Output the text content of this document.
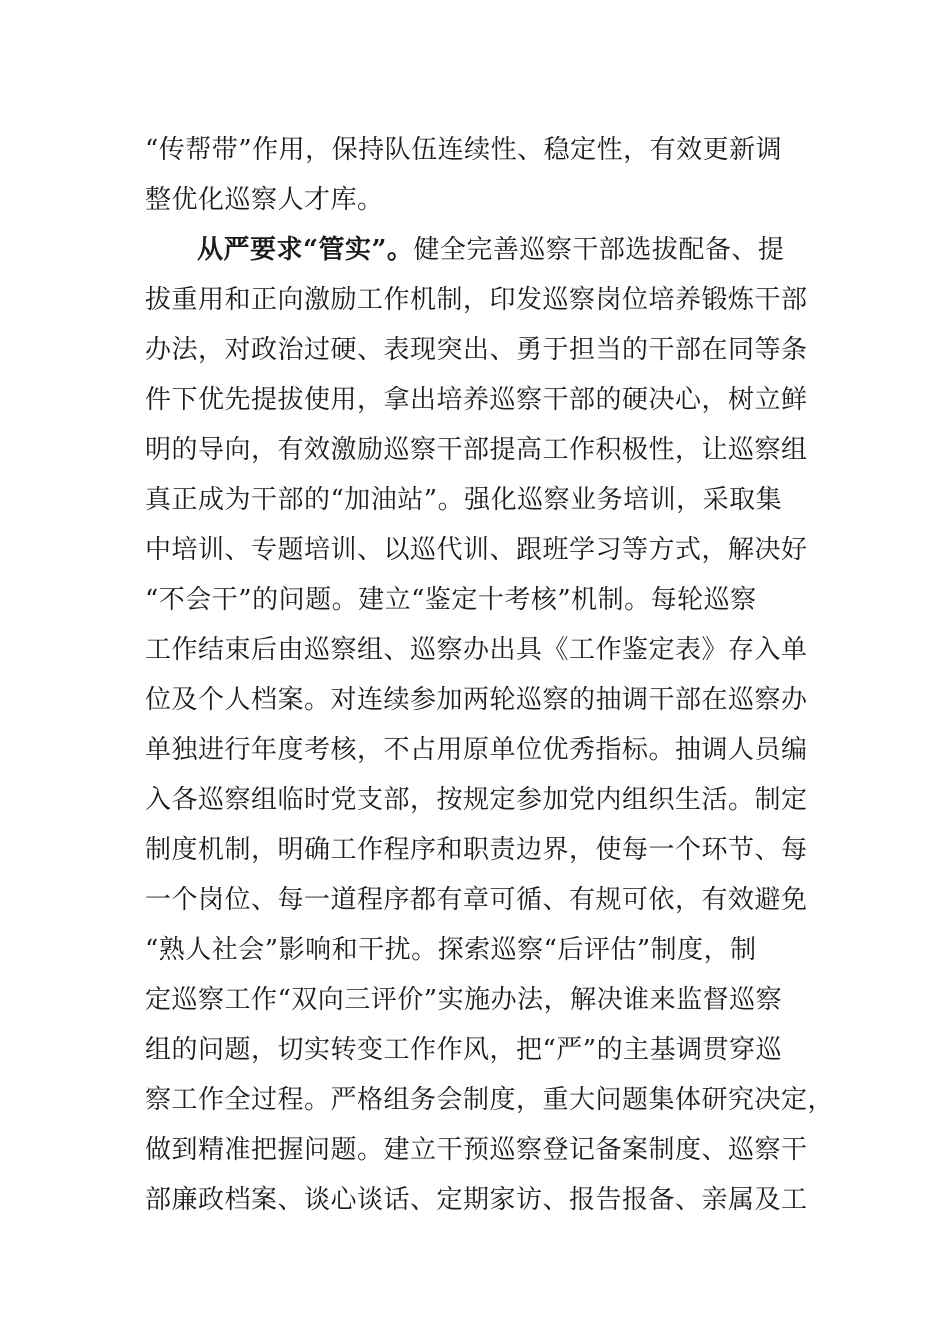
“传帮带”作用，保持队伍连续性、稳定性，有效更新调
整优化巡察人才库。
从严要求“管实”。健全完善巡察干部选拔配备、提
拔重用和正向激励工作机制，印发巡察岗位培养锻炼干部
办法，对政治过硬、表现突出、勇于担当的干部在同等条
件下优先提拔使用，拿出培养巡察干部的硬决心，树立鲜
明的导向，有效激励巡察干部提高工作积极性，让巡察组
真正成为干部的“加油站”。强化巡察业务培训，采取集
中培训、专题培训、以巡代训、跟班学习等方式，解决好
“不会干”的问题。建立“鉴定十考核”机制。每轮巡察
工作结束后由巡察组、巡察办出具《工作鉴定表》存入单
位及个人档案。对连续参加两轮巡察的抽调干部在巡察办
单独进行年度考核，不占用原单位优秀指标。抽调人员编
入各巡察组临时党支部，按规定参加党内组织生活。制定
制度机制，明确工作程序和职责边界，使每一个环节、每
一个岗位、每一道程序都有章可循、有规可依，有效避免
“熟人社会”影响和干扰。探索巡察“后评估”制度，制
定巡察工作“双向三评价”实施办法，解决谁来监督巡察
组的问题，切实转变工作作风，把“严”的主基调贯穿巡
察工作全过程。严格组务会制度，重大问题集体研究决定，
做到精准把握问题。建立干预巡察登记备案制度、巡察干
部廉政档案、谈心谈话、定期家访、报告报备、亲属及工
